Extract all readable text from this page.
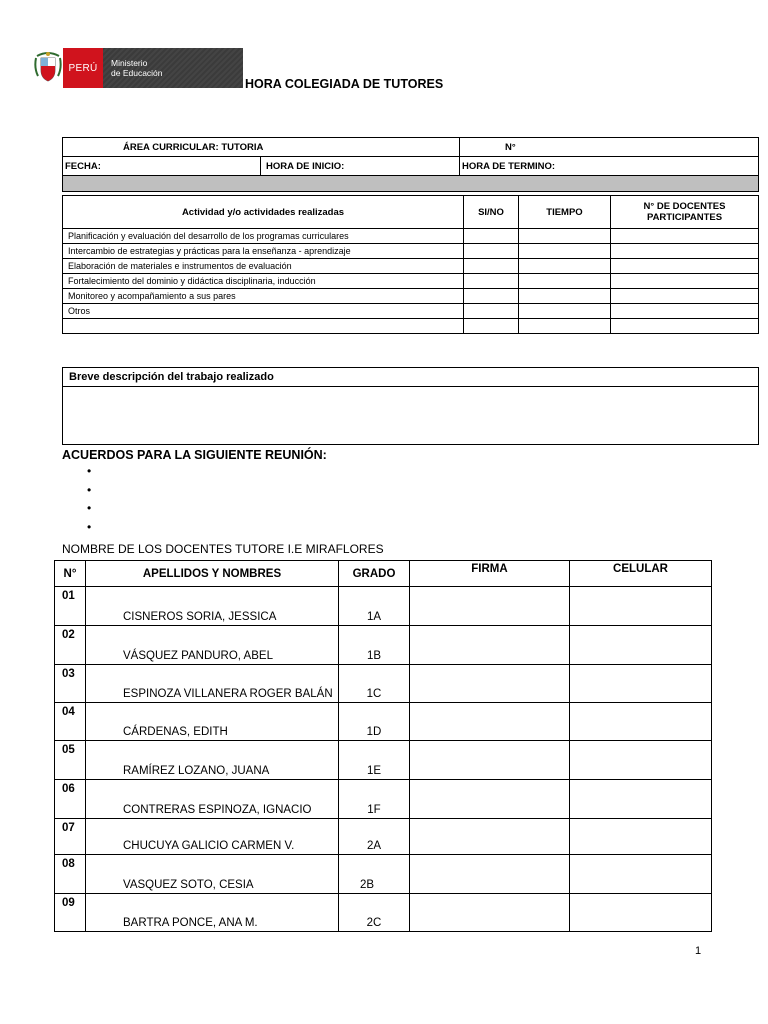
PERÚ	Ministerio
de Educación
HORA COLEGIADA DE TUTORES
ÁREA CURRICULAR: TUTORIA		N°
FECHA:	HORA DE INICIO:	HORA DE TERMINO:

Actividad y/o actividades realizadas	SI/NO	TIEMPO	N° DE DOCENTES PARTICIPANTES
Planificación y evaluación del desarrollo de los programas curriculares			
Intercambio de estrategias y prácticas para la enseñanza - aprendizaje			
Elaboración de materiales e instrumentos de evaluación			
Fortalecimiento del dominio y didáctica disciplinaria, inducción			
Monitoreo y acompañamiento a sus pares			
Otros			

Breve descripción del trabajo realizado

ACUERDOS PARA LA SIGUIENTE REUNIÓN:
•
•
•
•
NOMBRE DE LOS DOCENTES TUTORE I.E MIRAFLORES
N°	APELLIDOS Y NOMBRES	GRADO	FIRMA	CELULAR
01	CISNEROS SORIA, JESSICA	1A		
02	VÁSQUEZ PANDURO, ABEL	1B		
03	ESPINOZA VILLANERA ROGER BALÁN	1C		
04	CÁRDENAS, EDITH	1D		
05	RAMÍREZ LOZANO, JUANA	1E		
06	CONTRERAS ESPINOZA, IGNACIO	1F		
07	CHUCUYA GALICIO CARMEN V.	2A		
08	VASQUEZ SOTO, CESIA	2B		
09	BARTRA PONCE, ANA M.	2C		
1
